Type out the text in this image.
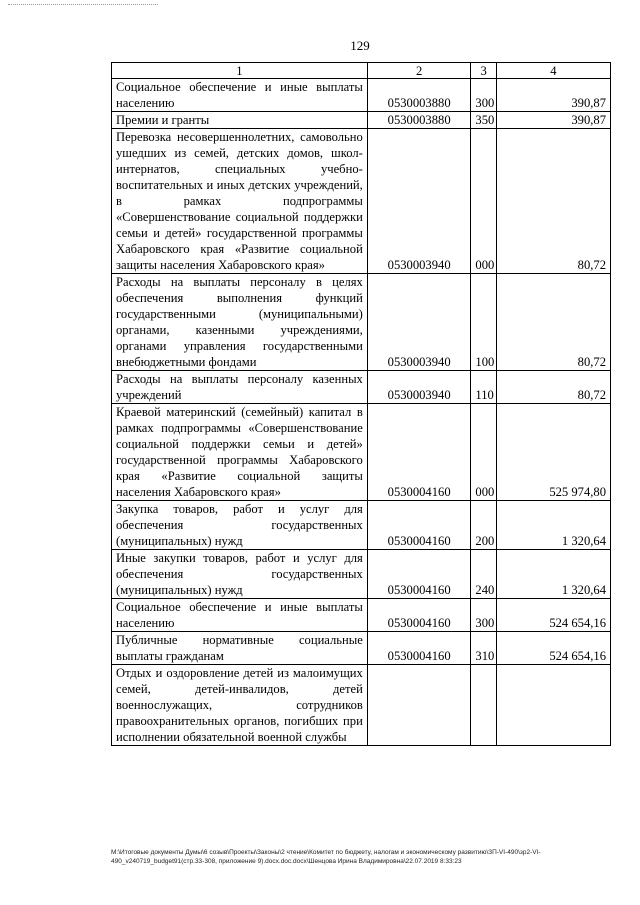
129
1	2	3	4
Социальное обеспечение и иные выплаты населению	0530003880	300	390,87
Премии и гранты	0530003880	350	390,87
Перевозка несовершеннолетних, самовольно ушедших из семей, детских домов, школ-интернатов, специальных учебно-воспитательных и иных детских учреждений, в рамках подпрограммы «Совершенствование социальной поддержки семьи и детей» государственной программы Хабаровского края «Развитие социальной защиты населения Хабаровского края»	0530003940	000	80,72
Расходы на выплаты персоналу в целях обеспечения выполнения функций государственными (муниципальными) органами, казенными учреждениями, органами управления государственными внебюджетными фондами	0530003940	100	80,72
Расходы на выплаты персоналу казенных учреждений	0530003940	110	80,72
Краевой материнский (семейный) капитал в рамках подпрограммы «Совершенствование социальной поддержки семьи и детей» государственной программы Хабаровского края «Развитие социальной защиты населения Хабаровского края»	0530004160	000	525 974,80
Закупка товаров, работ и услуг для обеспечения государственных (муниципальных) нужд	0530004160	200	1 320,64
Иные закупки товаров, работ и услуг для обеспечения государственных (муниципальных) нужд	0530004160	240	1 320,64
Социальное обеспечение и иные выплаты населению	0530004160	300	524 654,16
Публичные нормативные социальные выплаты гражданам	0530004160	310	524 654,16
Отдых и оздоровление детей из малоимущих семей, детей-инвалидов, детей военнослужащих, сотрудников правоохранительных органов, погибших при исполнении обязательной военной службы			
M:\Итоговые документы Думы\6 созыв\Проекты\Законы\2 чтение\Комитет по бюджету, налогам и экономическому развитию\ЗП-VI-490\зр2-VI-490_v240719_budget91(стр.33-308, приложение 9).docx.doc.docx\Шенцова Ирина Владимировна\22.07.2019 8:33:23
